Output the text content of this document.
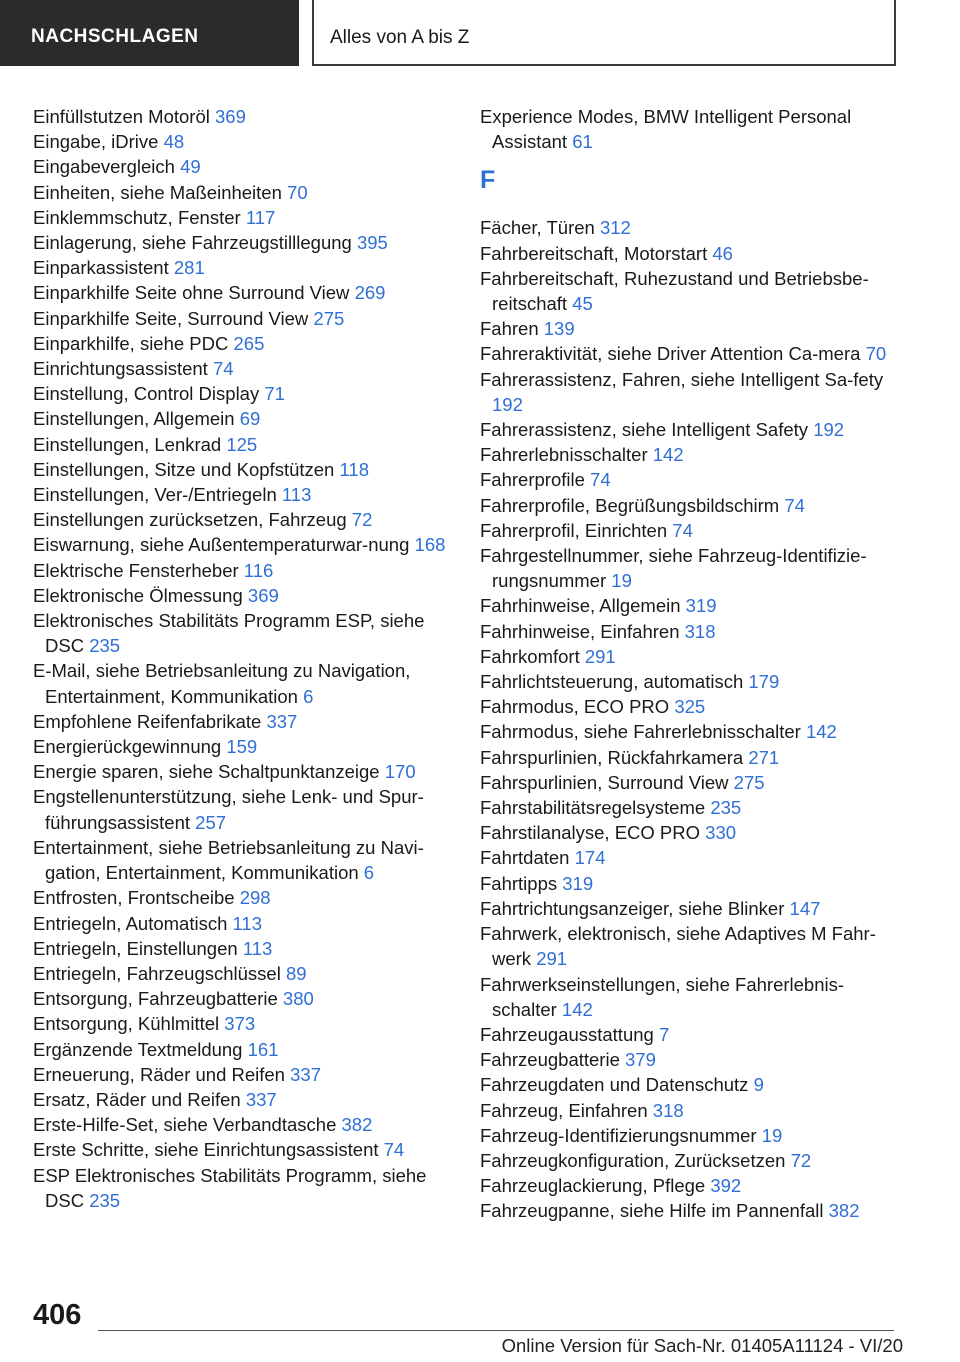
NACHSCHLAGEN	Alles von A bis Z

Einfüllstutzen Motoröl 369

Eingabe, iDrive 48

Eingabevergleich 49

Einheiten, siehe Maßeinheiten 70

Einklemmschutz, Fenster 117

Einlagerung, siehe Fahrzeugstilllegung 395

Einparkassistent 281

Einparkhilfe Seite ohne Surround View 269

Einparkhilfe Seite, Surround View 275

Einparkhilfe, siehe PDC 265

Einrichtungsassistent 74

Einstellung, Control Display 71

Einstellungen, Allgemein 69

Einstellungen, Lenkrad 125

Einstellungen, Sitze und Kopfstützen 118

Einstellungen, Ver-/Entriegeln 113

Einstellungen zurücksetzen, Fahrzeug 72

Eiswarnung, siehe Außentemperaturwar-nung 168

Elektrische Fensterheber 116

Elektronische Ölmessung 369

Elektronisches Stabilitäts Programm ESP, siehe DSC 235

E-Mail, siehe Betriebsanleitung zu Navigation, Entertainment, Kommunikation 6

Empfohlene Reifenfabrikate 337

Energierückgewinnung 159

Energie sparen, siehe Schaltpunktanzeige 170

Engstellenunterstützung, siehe Lenk- und Spur-führungsassistent 257

Entertainment, siehe Betriebsanleitung zu Navi-gation, Entertainment, Kommunikation 6

Entfrosten, Frontscheibe 298

Entriegeln, Automatisch 113

Entriegeln, Einstellungen 113

Entriegeln, Fahrzeugschlüssel 89

Entsorgung, Fahrzeugbatterie 380

Entsorgung, Kühlmittel 373

Ergänzende Textmeldung 161

Erneuerung, Räder und Reifen 337

Ersatz, Räder und Reifen 337

Erste-Hilfe-Set, siehe Verbandtasche 382

Erste Schritte, siehe Einrichtungsassistent 74

ESP Elektronisches Stabilitäts Programm, siehe DSC 235

Experience Modes, BMW Intelligent Personal Assistant 61

F

Fächer, Türen 312

Fahrbereitschaft, Motorstart 46

Fahrbereitschaft, Ruhezustand und Betriebsbe-reitschaft 45

Fahren 139

Fahreraktivität, siehe Driver Attention Ca-mera 70

Fahrerassistenz, Fahren, siehe Intelligent Sa-fety 192

Fahrerassistenz, siehe Intelligent Safety 192

Fahrerlebnisschalter 142

Fahrerprofile 74

Fahrerprofile, Begrüßungsbildschirm 74

Fahrerprofil, Einrichten 74

Fahrgestellnummer, siehe Fahrzeug-Identifizie-rungsnummer 19

Fahrhinweise, Allgemein 319

Fahrhinweise, Einfahren 318

Fahrkomfort 291

Fahrlichtsteuerung, automatisch 179

Fahrmodus, ECO PRO 325

Fahrmodus, siehe Fahrerlebnisschalter 142

Fahrspurlinien, Rückfahrkamera 271

Fahrspurlinien, Surround View 275

Fahrstabilitätsregelsysteme 235

Fahrstilanalyse, ECO PRO 330

Fahrtdaten 174

Fahrtipps 319

Fahrtrichtungsanzeiger, siehe Blinker 147

Fahrwerk, elektronisch, siehe Adaptives M Fahr-werk 291

Fahrwerkseinstellungen, siehe Fahrerlebnis-schalter 142

Fahrzeugausstattung 7

Fahrzeugbatterie 379

Fahrzeugdaten und Datenschutz 9

Fahrzeug, Einfahren 318

Fahrzeug-Identifizierungsnummer 19

Fahrzeugkonfiguration, Zurücksetzen 72

Fahrzeuglackierung, Pflege 392

Fahrzeugpanne, siehe Hilfe im Pannenfall 382

406
Online Version für Sach-Nr. 01405A11124 - VI/20
